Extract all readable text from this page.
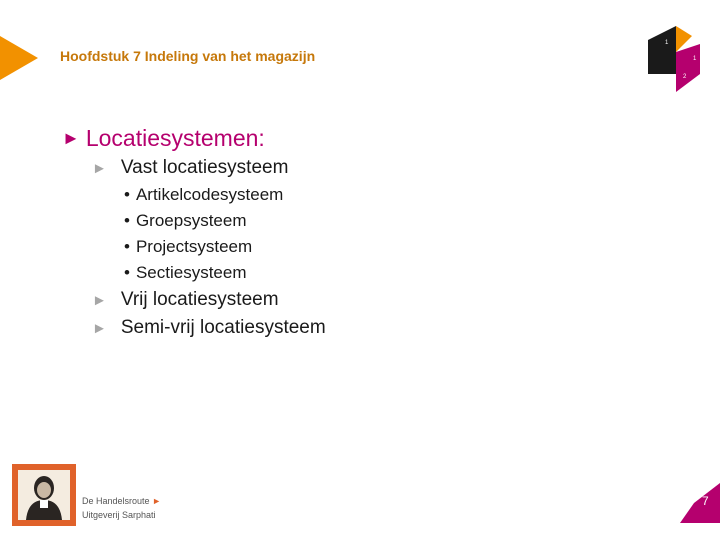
Hoofdstuk 7 Indeling van het magazijn
1
1
2
► Locatiesystemen:
► Vast locatiesysteem
• Artikelcodesysteem
• Groepsysteem
• Projectsysteem
• Sectiesysteem
► Vrij locatiesysteem
► Semi-vrij locatiesysteem
De Handelsroute ►
Uitgeverij Sarphati
7
